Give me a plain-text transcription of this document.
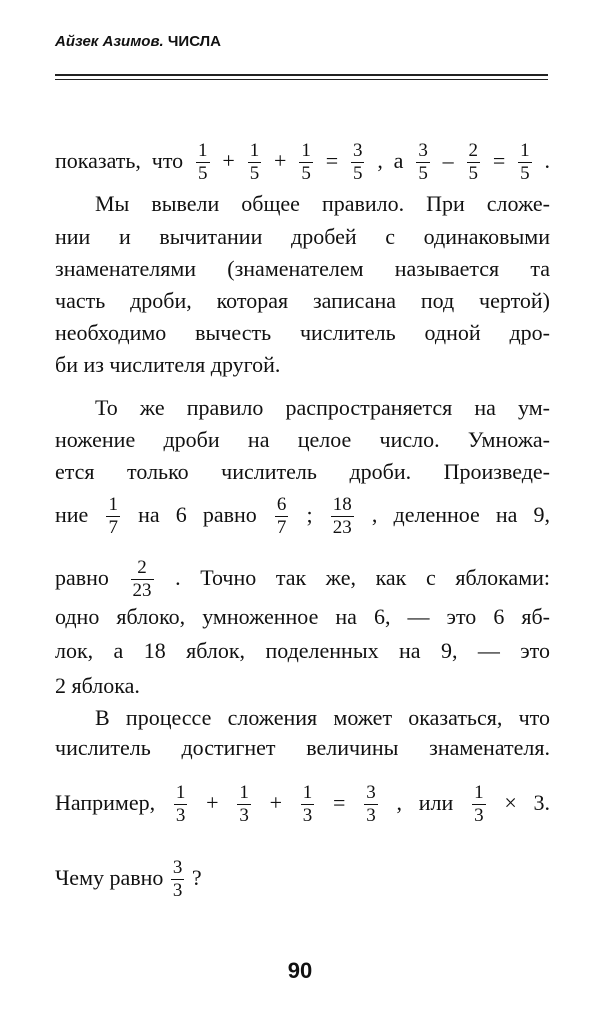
Айзек Азимов. ЧИСЛА
показать, что $\frac{1}{5} + \frac{1}{5} + \frac{1}{5} = \frac{3}{5}$ , а $\frac{3}{5} - \frac{2}{5} = \frac{1}{5}$ .
Мы вывели общее правило. При сложе-
нии и вычитании дробей с одинаковыми
знаменателями (знаменателем называется та
часть дроби, которая записана под чертой)
необходимо вычесть числитель одной дро-
би из числителя другой.
То же правило распространяется на ум-
ножение дроби на целое число. Умножа-
ется только числитель дроби. Произведе-
ние $\frac{1}{7}$ на 6 равно $\frac{6}{7}$ ; $\frac{18}{23}$ , деленное на 9,
равно $\frac{2}{23}$ . Точно так же, как с яблоками:
одно яблоко, умноженное на 6, — это 6 яб-
лок, а 18 яблок, поделенных на 9, — это
2 яблока.
В процессе сложения может оказаться, что
числитель достигнет величины знаменателя.
Например, $\frac{1}{3} + \frac{1}{3} + \frac{1}{3} = \frac{3}{3}$ , или $\frac{1}{3} \times 3$.
Чему равно $\frac{3}{3}$ ?
90
